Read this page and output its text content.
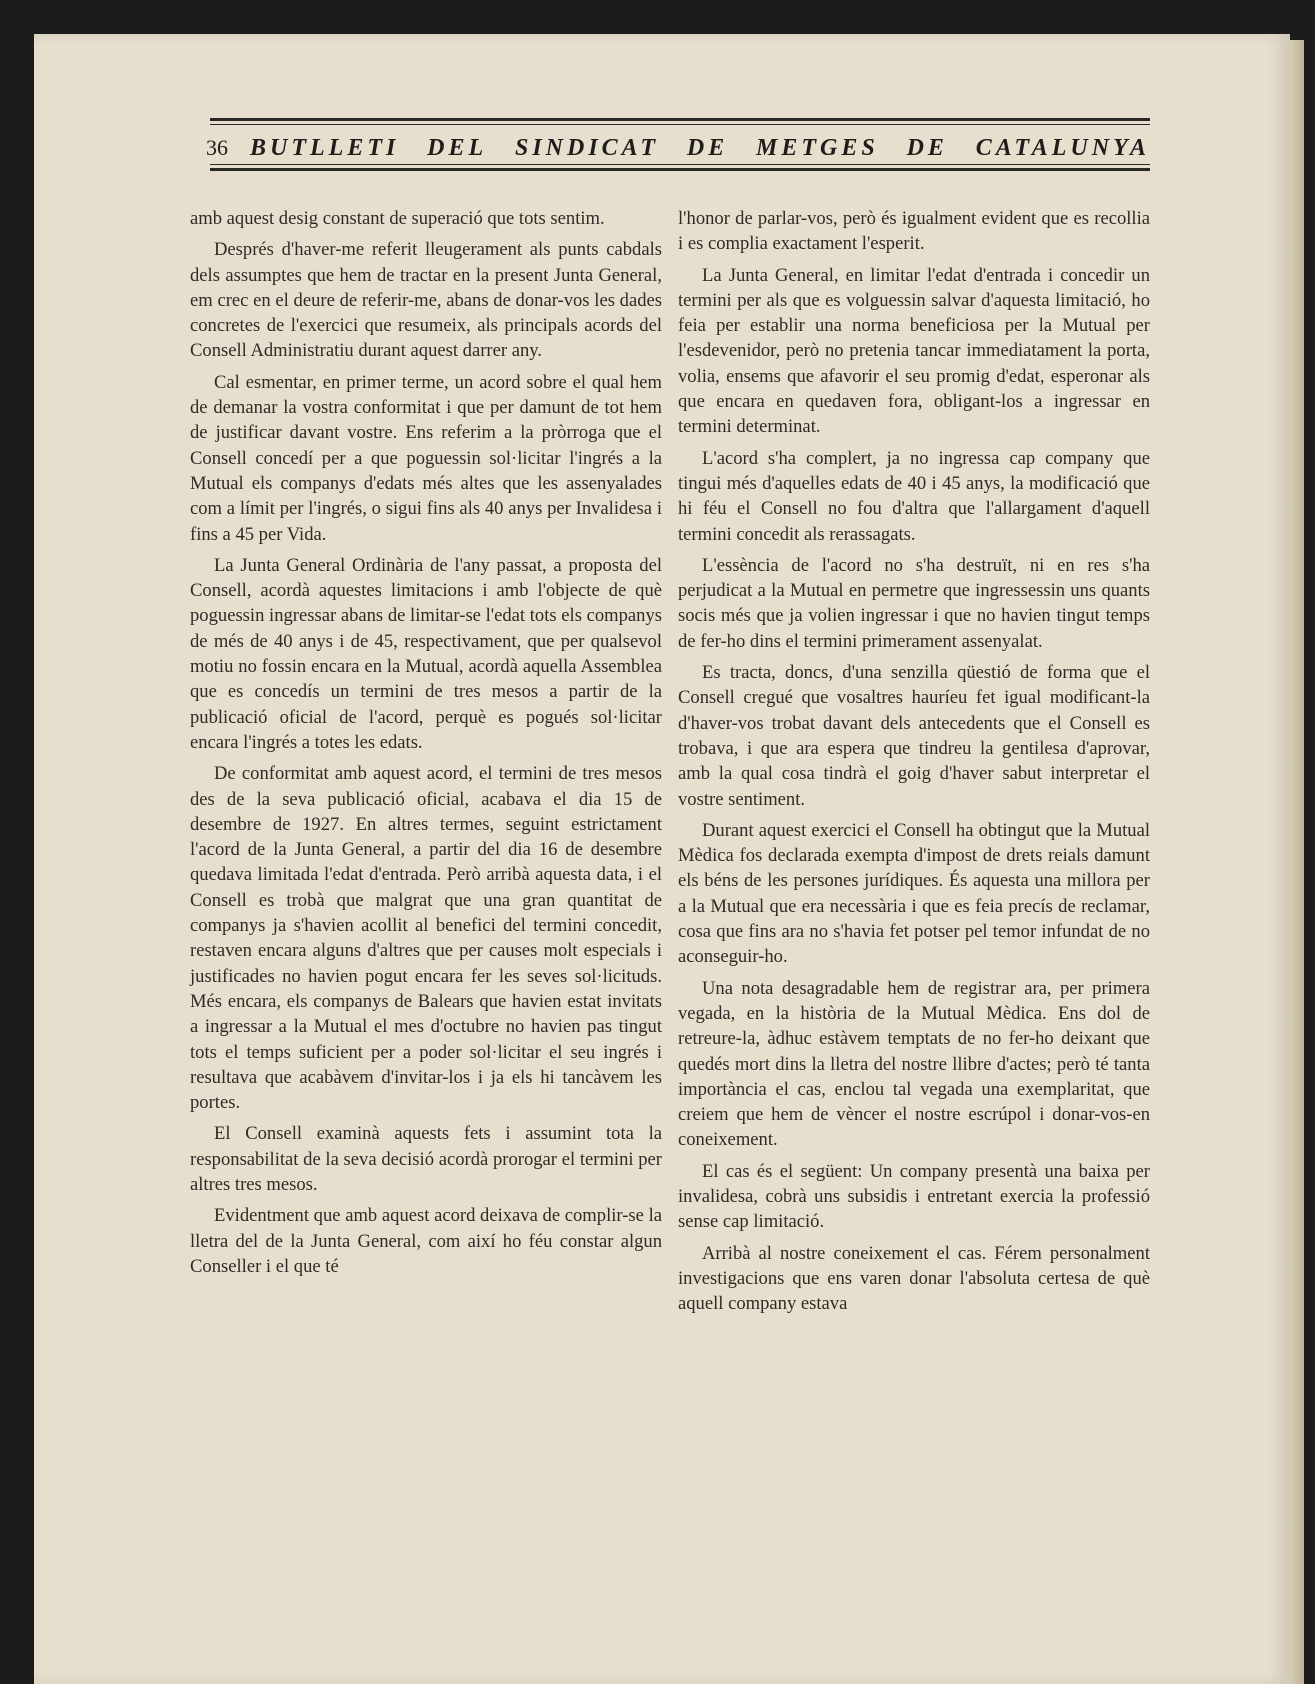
36 BUTLLETI DEL SINDICAT DE METGES DE CATALUNYA

amb aquest desig constant de superació que tots sentim.

Després d'haver-me referit lleugerament als punts cabdals dels assumptes que hem de tractar en la present Junta General, em crec en el deure de referir-me, abans de donar-vos les dades concretes de l'exercici que resumeix, als principals acords del Consell Administratiu durant aquest darrer any.

Cal esmentar, en primer terme, un acord sobre el qual hem de demanar la vostra conformitat i que per damunt de tot hem de justificar davant vostre. Ens referim a la pròrroga que el Consell concedí per a que poguessin sol·licitar l'ingrés a la Mutual els companys d'edats més altes que les assenyalades com a límit per l'ingrés, o sigui fins als 40 anys per Invalidesa i fins a 45 per Vida.

La Junta General Ordinària de l'any passat, a proposta del Consell, acordà aquestes limitacions i amb l'objecte de què poguessin ingressar abans de limitar-se l'edat tots els companys de més de 40 anys i de 45, respectivament, que per qualsevol motiu no fossin encara en la Mutual, acordà aquella Assemblea que es concedís un termini de tres mesos a partir de la publicació oficial de l'acord, perquè es pogués sol·licitar encara l'ingrés a totes les edats.

De conformitat amb aquest acord, el termini de tres mesos des de la seva publicació oficial, acabava el dia 15 de desembre de 1927. En altres termes, seguint estrictament l'acord de la Junta General, a partir del dia 16 de desembre quedava limitada l'edat d'entrada. Però arribà aquesta data, i el Consell es trobà que malgrat que una gran quantitat de companys ja s'havien acollit al benefici del termini concedit, restaven encara alguns d'altres que per causes molt especials i justificades no havien pogut encara fer les seves sol·licituds. Més encara, els companys de Balears que havien estat invitats a ingressar a la Mutual el mes d'octubre no havien pas tingut tots el temps suficient per a poder sol·licitar el seu ingrés i resultava que acabàvem d'invitar-los i ja els hi tancàvem les portes.

El Consell examinà aquests fets i assumint tota la responsabilitat de la seva decisió acordà prorogar el termini per altres tres mesos.

Evidentment que amb aquest acord deixava de complir-se la lletra del de la Junta General, com així ho féu constar algun Conseller i el que té

l'honor de parlar-vos, però és igualment evident que es recollia i es complia exactament l'esperit.

La Junta General, en limitar l'edat d'entrada i concedir un termini per als que es volguessin salvar d'aquesta limitació, ho feia per establir una norma beneficiosa per la Mutual per l'esdevenidor, però no pretenia tancar immediatament la porta, volia, ensems que afavorir el seu promig d'edat, esperonar als que encara en quedaven fora, obligant-los a ingressar en termini determinat.

L'acord s'ha complert, ja no ingressa cap company que tingui més d'aquelles edats de 40 i 45 anys, la modificació que hi féu el Consell no fou d'altra que l'allargament d'aquell termini concedit als rerassagats.

L'essència de l'acord no s'ha destruït, ni en res s'ha perjudicat a la Mutual en permetre que ingressessin uns quants socis més que ja volien ingressar i que no havien tingut temps de fer-ho dins el termini primerament assenyalat.

Es tracta, doncs, d'una senzilla qüestió de forma que el Consell cregué que vosaltres hauríeu fet igual modificant-la d'haver-vos trobat davant dels antecedents que el Consell es trobava, i que ara espera que tindreu la gentilesa d'aprovar, amb la qual cosa tindrà el goig d'haver sabut interpretar el vostre sentiment.

Durant aquest exercici el Consell ha obtingut que la Mutual Mèdica fos declarada exempta d'impost de drets reials damunt els béns de les persones jurídiques. És aquesta una millora per a la Mutual que era necessària i que es feia precís de reclamar, cosa que fins ara no s'havia fet potser pel temor infundat de no aconseguir-ho.

Una nota desagradable hem de registrar ara, per primera vegada, en la història de la Mutual Mèdica. Ens dol de retreure-la, àdhuc estàvem temptats de no fer-ho deixant que quedés mort dins la lletra del nostre llibre d'actes; però té tanta importància el cas, enclou tal vegada una exemplaritat, que creiem que hem de vèncer el nostre escrúpol i donar-vos-en coneixement.

El cas és el següent: Un company presentà una baixa per invalidesa, cobrà uns subsidis i entretant exercia la professió sense cap limitació.

Arribà al nostre coneixement el cas. Férem personalment investigacions que ens varen donar l'absoluta certesa de què aquell company estava
